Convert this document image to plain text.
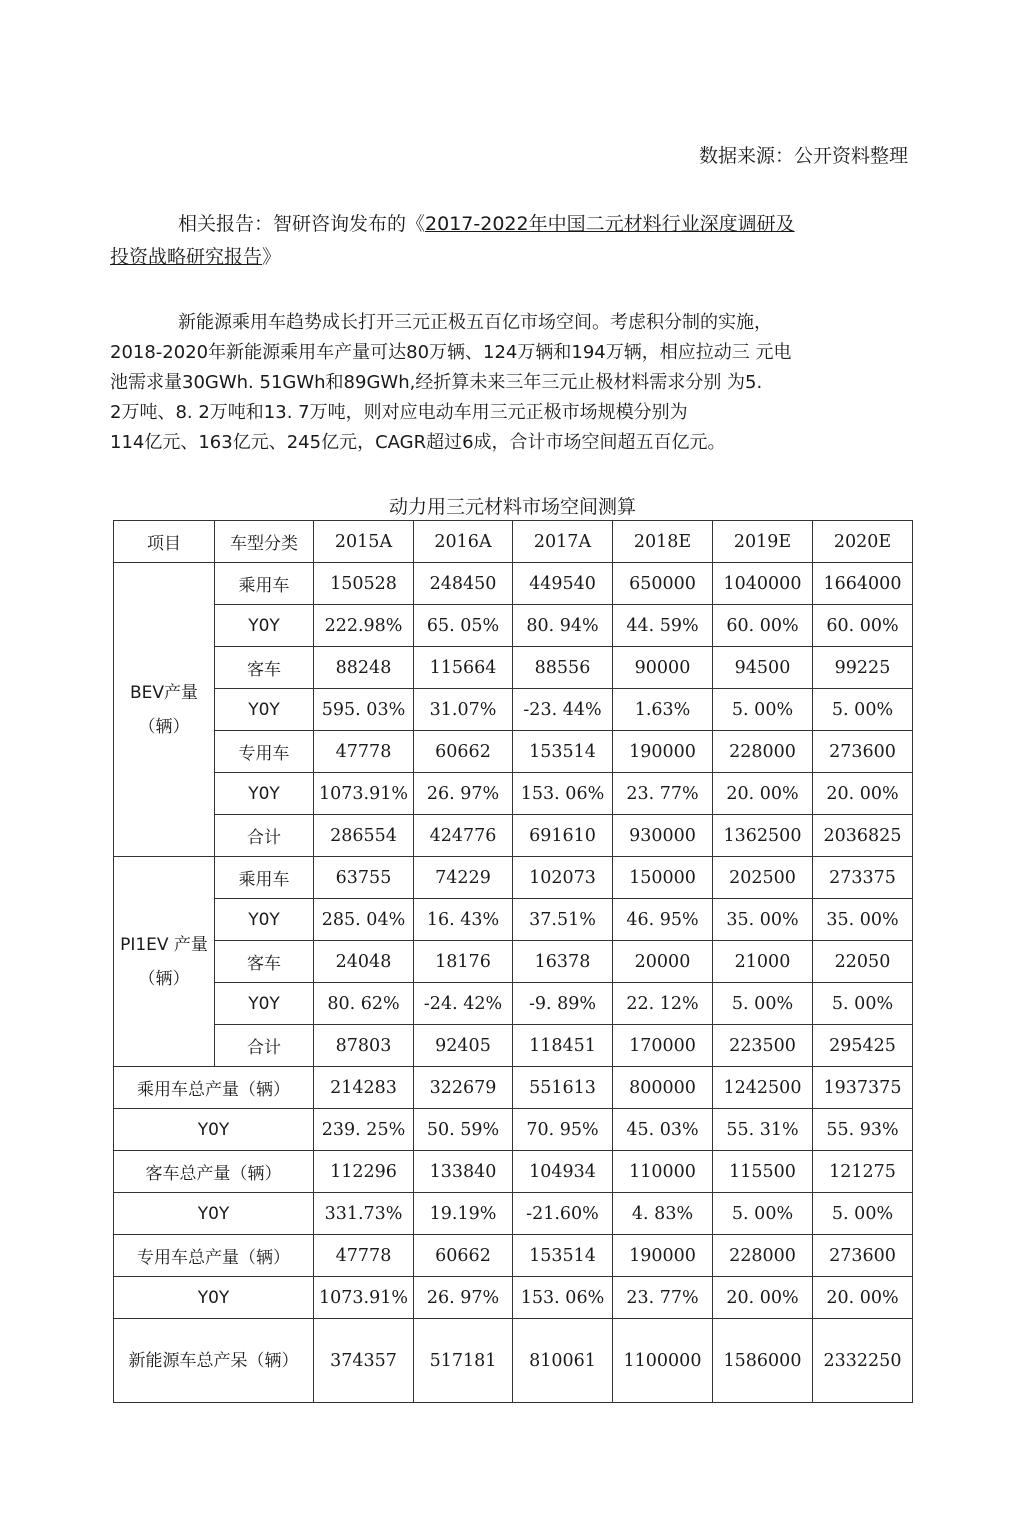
数据来源：公开资料整理
相关报告：智研咨询发布的《2017-2022年中国二元材料行业深度调研及
投资战略研究报告》

新能源乘用车趋势成长打开三元正极五百亿市场空间。考虑积分制的实施，
2018-2020年新能源乘用车产量可达80万辆、124万辆和194万辆，相应拉动三 元电
池需求量30GWh. 51GWh和89GWh,经折算未来三年三元止极材料需求分别 为5.
2万吨、8. 2万吨和13. 7万吨，则对应电动车用三元正极市场规模分别为
114亿元、163亿元、245亿元，CAGR超过6成，合计市场空间超五百亿元。

动力用三元材料市场空间测算
项目	车型分类	2015A	2016A	2017A	2018E	2019E	2020E
BEV产量（辆）	乘用车	150528	248450	449540	650000	1040000	1664000
	Y0Y	222.98%	65. 05%	80. 94%	44. 59%	60. 00%	60. 00%
	客车	88248	115664	88556	90000	94500	99225
	Y0Y	595. 03%	31.07%	-23. 44%	1.63%	5. 00%	5. 00%
	专用车	47778	60662	153514	190000	228000	273600
	Y0Y	1073.91%	26. 97%	153. 06%	23. 77%	20. 00%	20. 00%
	合计	286554	424776	691610	930000	1362500	2036825
PI1EV 产量（辆）	乘用车	63755	74229	102073	150000	202500	273375
	Y0Y	285. 04%	16. 43%	37.51%	46. 95%	35. 00%	35. 00%
	客车	24048	18176	16378	20000	21000	22050
	Y0Y	80. 62%	-24. 42%	-9. 89%	22. 12%	5. 00%	5. 00%
	合计	87803	92405	118451	170000	223500	295425
乘用车总产量（辆）		214283	322679	551613	800000	1242500	1937375
Y0Y		239. 25%	50. 59%	70. 95%	45. 03%	55. 31%	55. 93%
客车总产量（辆）		112296	133840	104934	110000	115500	121275
Y0Y		331.73%	19.19%	-21.60%	4. 83%	5. 00%	5. 00%
专用车总产量（辆）		47778	60662	153514	190000	228000	273600
Y0Y		1073.91%	26. 97%	153. 06%	23. 77%	20. 00%	20. 00%
新能源车总产呆（辆）		374357	517181	810061	1100000	1586000	2332250
